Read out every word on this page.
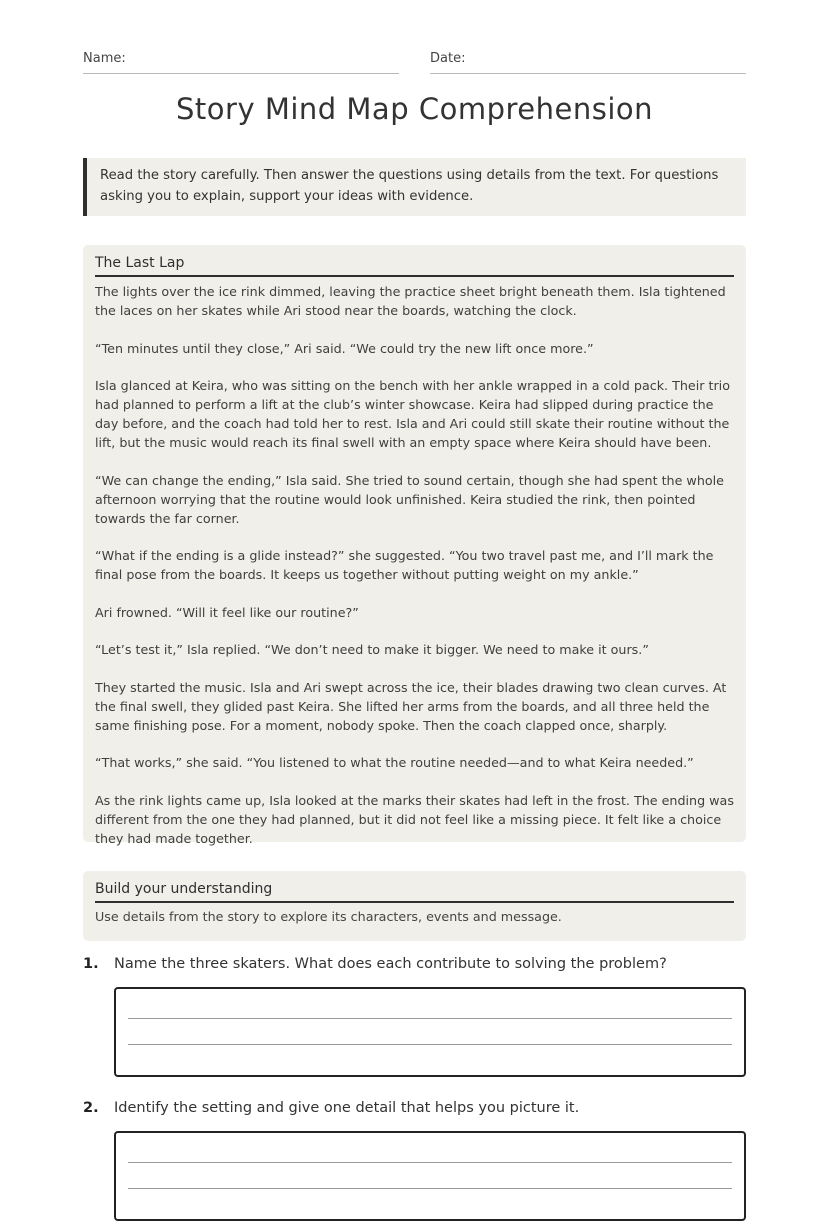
Name:	Date:
Story Mind Map Comprehension
Read the story carefully. Then answer the questions using details from the text. For questions asking you to explain, support your ideas with evidence.
The Last Lap

The lights over the ice rink dimmed, leaving the practice sheet bright beneath them. Isla tightened the laces on her skates while Ari stood near the boards, watching the clock.

“Ten minutes until they close,” Ari said. “We could try the new lift once more.”

Isla glanced at Keira, who was sitting on the bench with her ankle wrapped in a cold pack. Their trio had planned to perform a lift at the club’s winter showcase. Keira had slipped during practice the day before, and the coach had told her to rest. Isla and Ari could still skate their routine without the lift, but the music would reach its final swell with an empty space where Keira should have been.

“We can change the ending,” Isla said. She tried to sound certain, though she had spent the whole afternoon worrying that the routine would look unfinished. Keira studied the rink, then pointed towards the far corner.

“What if the ending is a glide instead?” she suggested. “You two travel past me, and I’ll mark the final pose from the boards. It keeps us together without putting weight on my ankle.”

Ari frowned. “Will it feel like our routine?”

“Let’s test it,” Isla replied. “We don’t need to make it bigger. We need to make it ours.”

They started the music. Isla and Ari swept across the ice, their blades drawing two clean curves. At the final swell, they glided past Keira. She lifted her arms from the boards, and all three held the same finishing pose. For a moment, nobody spoke. Then the coach clapped once, sharply.

“That works,” she said. “You listened to what the routine needed—and to what Keira needed.”

As the rink lights came up, Isla looked at the marks their skates had left in the frost. The ending was different from the one they had planned, but it did not feel like a missing piece. It felt like a choice they had made together.

Build your understanding
Use details from the story to explore its characters, events and message.
1. Name the three skaters. What does each contribute to solving the problem?
2. Identify the setting and give one detail that helps you picture it.
